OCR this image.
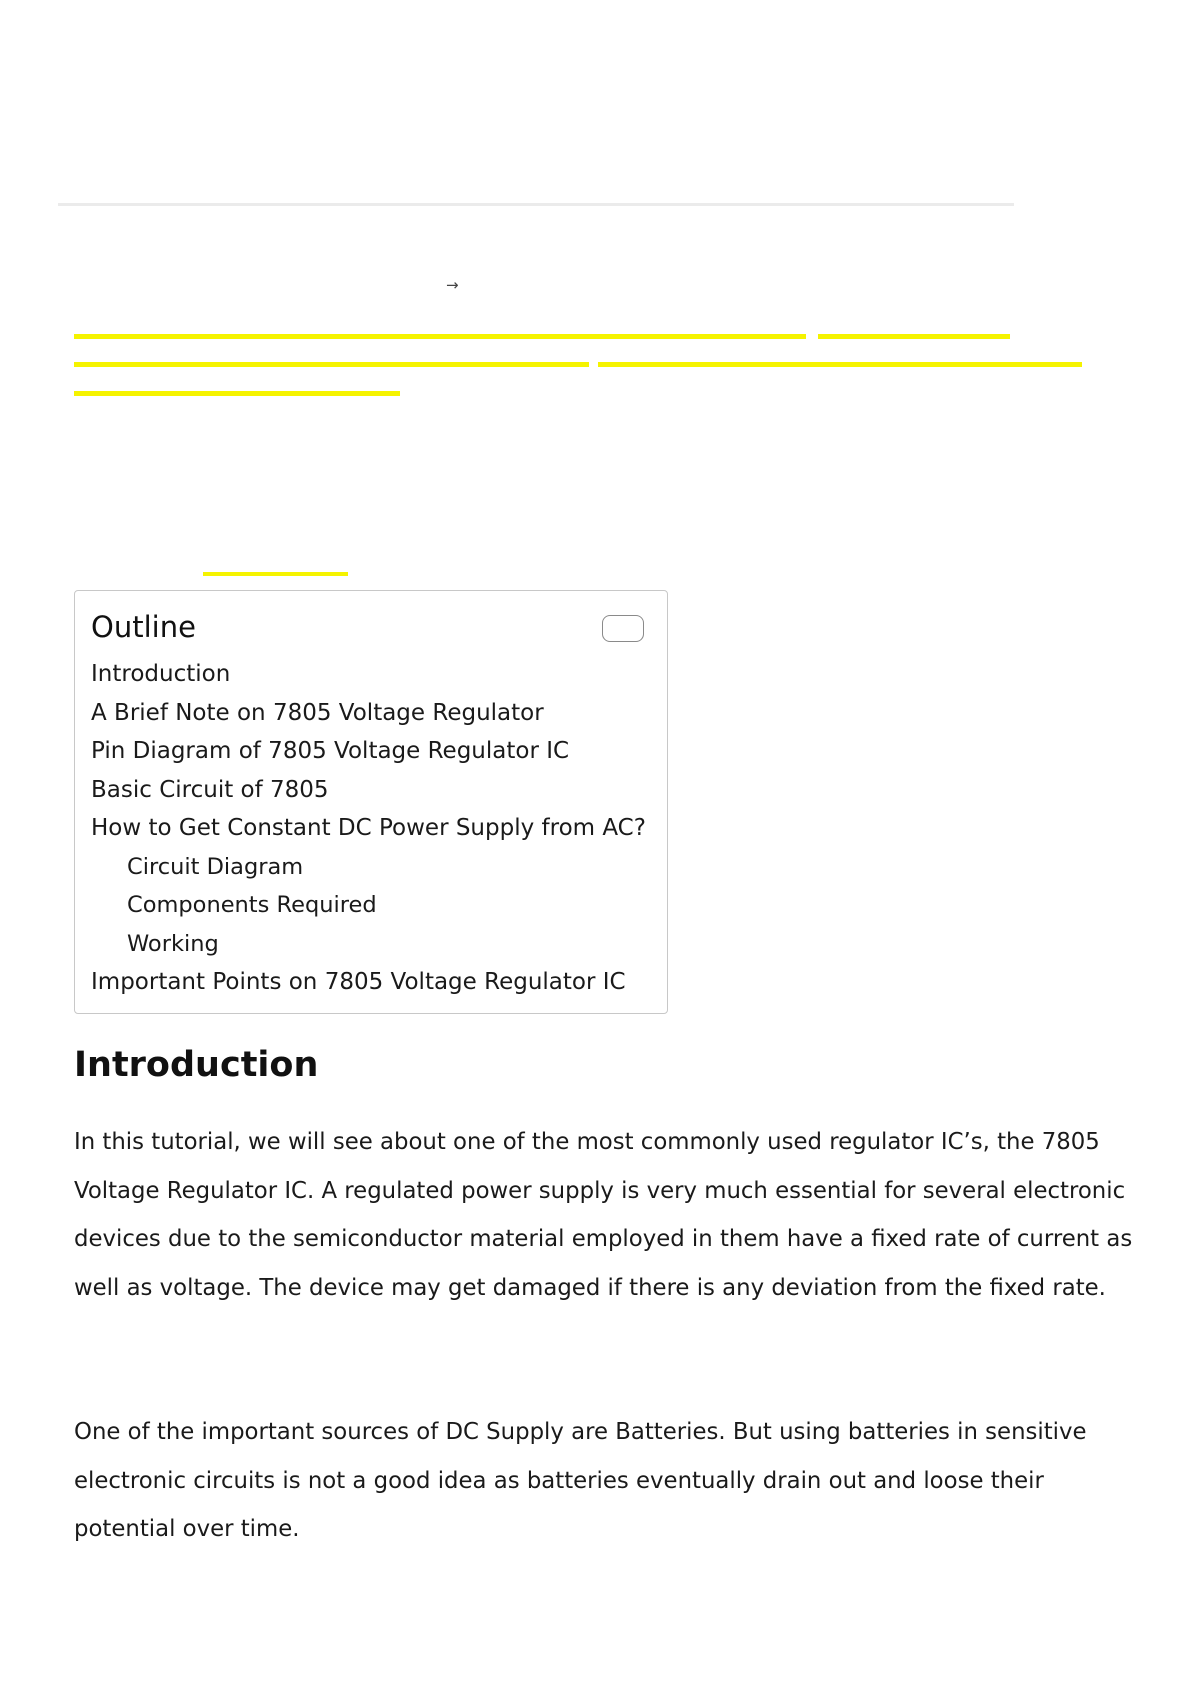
→
Outline
Introduction
A Brief Note on 7805 Voltage Regulator
Pin Diagram of 7805 Voltage Regulator IC
Basic Circuit of 7805
How to Get Constant DC Power Supply from AC?
Circuit Diagram
Components Required
Working
Important Points on 7805 Voltage Regulator IC
Introduction

In this tutorial, we will see about one of the most commonly used regulator IC’s, the 7805 Voltage Regulator IC. A regulated power supply is very much essential for several electronic devices due to the semiconductor material employed in them have a fixed rate of current as well as voltage. The device may get damaged if there is any deviation from the fixed rate.

One of the important sources of DC Supply are Batteries. But using batteries in sensitive electronic circuits is not a good idea as batteries eventually drain out and loose their potential over time.
